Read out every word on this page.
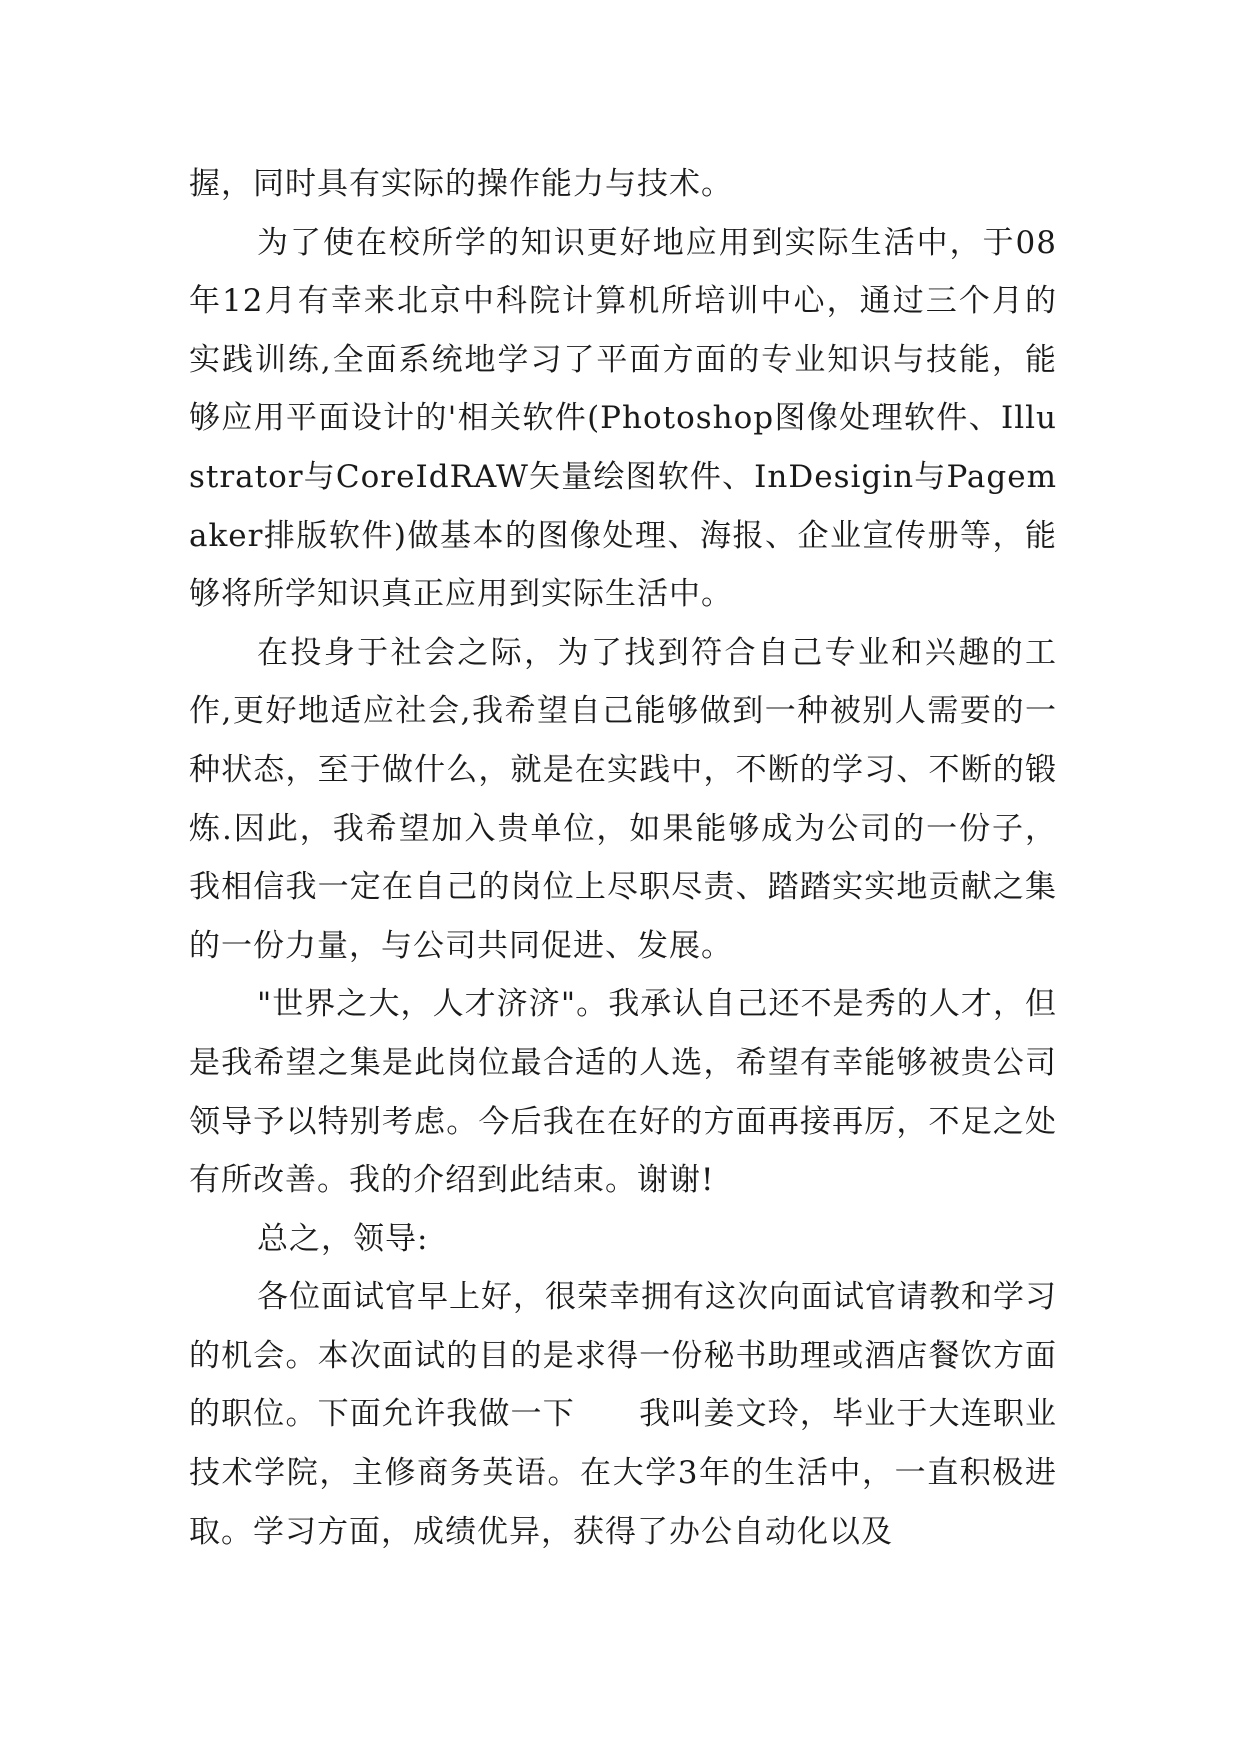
握，同时具有实际的操作能力与技术。

为了使在校所学的知识更好地应用到实际生活中，于08年12月有幸来北京中科院计算机所培训中心，通过三个月的实践训练,全面系统地学习了平面方面的专业知识与技能，能够应用平面设计的'相关软件(Photoshop图像处理软件、Illustrator与CoreIdRAW矢量绘图软件、InDesigin与Pagemaker排版软件)做基本的图像处理、海报、企业宣传册等，能够将所学知识真正应用到实际生活中。

在投身于社会之际，为了找到符合自己专业和兴趣的工作,更好地适应社会,我希望自己能够做到一种被别人需要的一种状态，至于做什么，就是在实践中，不断的学习、不断的锻炼.因此，我希望加入贵单位，如果能够成为公司的一份子，我相信我一定在自己的岗位上尽职尽责、踏踏实实地贡献之集的一份力量，与公司共同促进、发展。

"世界之大，人才济济"。我承认自己还不是秀的人才，但是我希望之集是此岗位最合适的人选，希望有幸能够被贵公司领导予以特别考虑。今后我在在好的方面再接再厉，不足之处有所改善。我的介绍到此结束。谢谢!

总之，领导:

各位面试官早上好，很荣幸拥有这次向面试官请教和学习的机会。本次面试的目的是求得一份秘书助理或酒店餐饮方面的职位。下面允许我做一下　　我叫姜文玲，毕业于大连职业技术学院，主修商务英语。在大学3年的生活中，一直积极进取。学习方面，成绩优异，获得了办公自动化以及
